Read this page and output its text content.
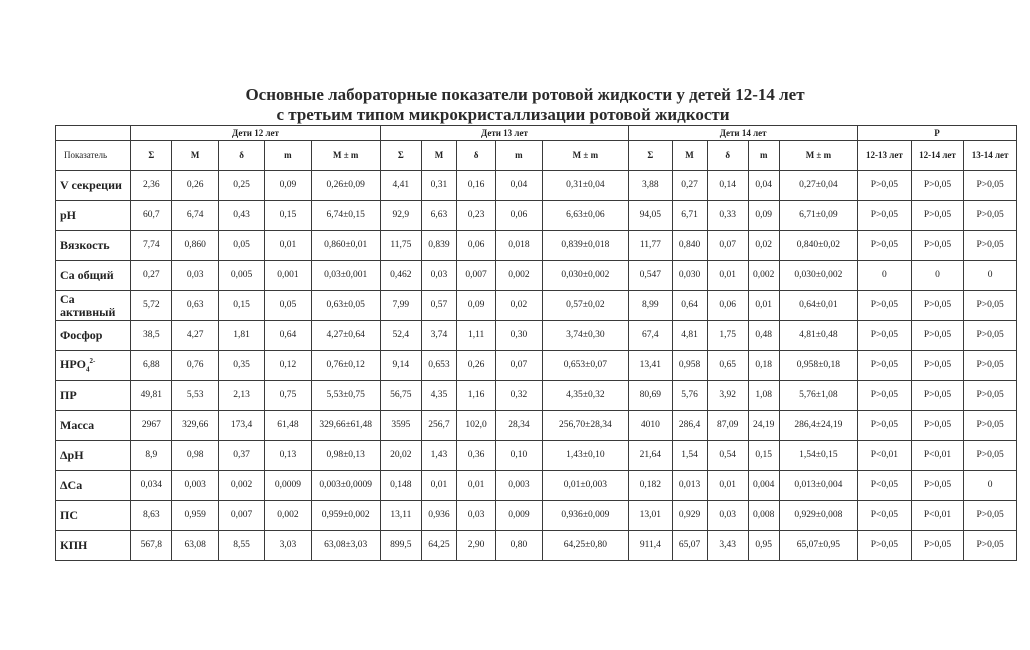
Основные лабораторные показатели ротовой жидкости у детей 12-14 лет
с третьим типом микрокристаллизации ротовой жидкости
	Дети 12 лет					Дети 13 лет					Дети 14 лет					P		
Показатель	Σ	М	δ	m	М ± m	Σ	М	δ	m	М ± m	Σ	М	δ	m	М ± m	12-13 лет	12-14 лет	13-14 лет
V секреции	2,36	0,26	0,25	0,09	0,26±0,09	4,41	0,31	0,16	0,04	0,31±0,04	3,88	0,27	0,14	0,04	0,27±0,04	P>0,05	P>0,05	P>0,05
pH	60,7	6,74	0,43	0,15	6,74±0,15	92,9	6,63	0,23	0,06	6,63±0,06	94,05	6,71	0,33	0,09	6,71±0,09	P>0,05	P>0,05	P>0,05
Вязкость	7,74	0,860	0,05	0,01	0,860±0,01	11,75	0,839	0,06	0,018	0,839±0,018	11,77	0,840	0,07	0,02	0,840±0,02	P>0,05	P>0,05	P>0,05
Са общий	0,27	0,03	0,005	0,001	0,03±0,001	0,462	0,03	0,007	0,002	0,030±0,002	0,547	0,030	0,01	0,002	0,030±0,002	0	0	0
Са активный	5,72	0,63	0,15	0,05	0,63±0,05	7,99	0,57	0,09	0,02	0,57±0,02	8,99	0,64	0,06	0,01	0,64±0,01	P>0,05	P>0,05	P>0,05
Фосфор	38,5	4,27	1,81	0,64	4,27±0,64	52,4	3,74	1,11	0,30	3,74±0,30	67,4	4,81	1,75	0,48	4,81±0,48	P>0,05	P>0,05	P>0,05
$НРО_4^{2-}$	6,88	0,76	0,35	0,12	0,76±0,12	9,14	0,653	0,26	0,07	0,653±0,07	13,41	0,958	0,65	0,18	0,958±0,18	P>0,05	P>0,05	P>0,05
ПР	49,81	5,53	2,13	0,75	5,53±0,75	56,75	4,35	1,16	0,32	4,35±0,32	80,69	5,76	3,92	1,08	5,76±1,08	P>0,05	P>0,05	P>0,05
Масса	2967	329,66	173,4	61,48	329,66±61,48	3595	256,7	102,0	28,34	256,70±28,34	4010	286,4	87,09	24,19	286,4±24,19	P>0,05	P>0,05	P>0,05
ΔрН	8,9	0,98	0,37	0,13	0,98±0,13	20,02	1,43	0,36	0,10	1,43±0,10	21,64	1,54	0,54	0,15	1,54±0,15	P<0,01	P<0,01	P>0,05
ΔСа	0,034	0,003	0,002	0,0009	0,003±0,0009	0,148	0,01	0,01	0,003	0,01±0,003	0,182	0,013	0,01	0,004	0,013±0,004	P<0,05	P>0,05	0
ПС	8,63	0,959	0,007	0,002	0,959±0,002	13,11	0,936	0,03	0,009	0,936±0,009	13,01	0,929	0,03	0,008	0,929±0,008	P<0,05	P<0,01	P>0,05
КПН	567,8	63,08	8,55	3,03	63,08±3,03	899,5	64,25	2,90	0,80	64,25±0,80	911,4	65,07	3,43	0,95	65,07±0,95	P>0,05	P>0,05	P>0,05
